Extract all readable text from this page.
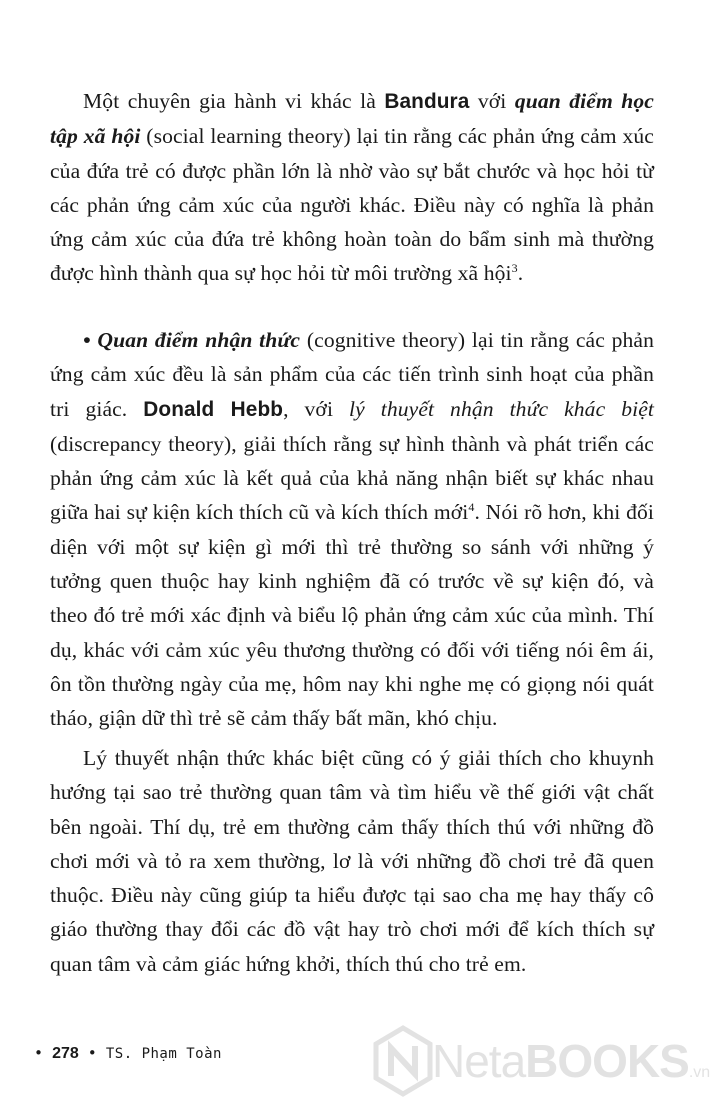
Một chuyên gia hành vi khác là Bandura với quan điểm học tập xã hội (social learning theory) lại tin rằng các phản ứng cảm xúc của đứa trẻ có được phần lớn là nhờ vào sự bắt chước và học hỏi từ các phản ứng cảm xúc của người khác. Điều này có nghĩa là phản ứng cảm xúc của đứa trẻ không hoàn toàn do bẩm sinh mà thường được hình thành qua sự học hỏi từ môi trường xã hội$^3$.

• Quan điểm nhận thức (cognitive theory) lại tin rằng các phản ứng cảm xúc đều là sản phẩm của các tiến trình sinh hoạt của phần tri giác. Donald Hebb, với lý thuyết nhận thức khác biệt (discrepancy theory), giải thích rằng sự hình thành và phát triển các phản ứng cảm xúc là kết quả của khả năng nhận biết sự khác nhau giữa hai sự kiện kích thích cũ và kích thích mới$^4$. Nói rõ hơn, khi đối diện với một sự kiện gì mới thì trẻ thường so sánh với những ý tưởng quen thuộc hay kinh nghiệm đã có trước về sự kiện đó, và theo đó trẻ mới xác định và biểu lộ phản ứng cảm xúc của mình. Thí dụ, khác với cảm xúc yêu thương thường có đối với tiếng nói êm ái, ôn tồn thường ngày của mẹ, hôm nay khi nghe mẹ có giọng nói quát tháo, giận dữ thì trẻ sẽ cảm thấy bất mãn, khó chịu.

Lý thuyết nhận thức khác biệt cũng có ý giải thích cho khuynh hướng tại sao trẻ thường quan tâm và tìm hiểu về thế giới vật chất bên ngoài. Thí dụ, trẻ em thường cảm thấy thích thú với những đồ chơi mới và tỏ ra xem thường, lơ là với những đồ chơi trẻ đã quen thuộc. Điều này cũng giúp ta hiểu được tại sao cha mẹ hay thấy cô giáo thường thay đổi các đồ vật hay trò chơi mới để kích thích sự quan tâm và cảm giác hứng khởi, thích thú cho trẻ em.

• 278 • TS. Phạm Toàn	NetaBOOKS.vn
